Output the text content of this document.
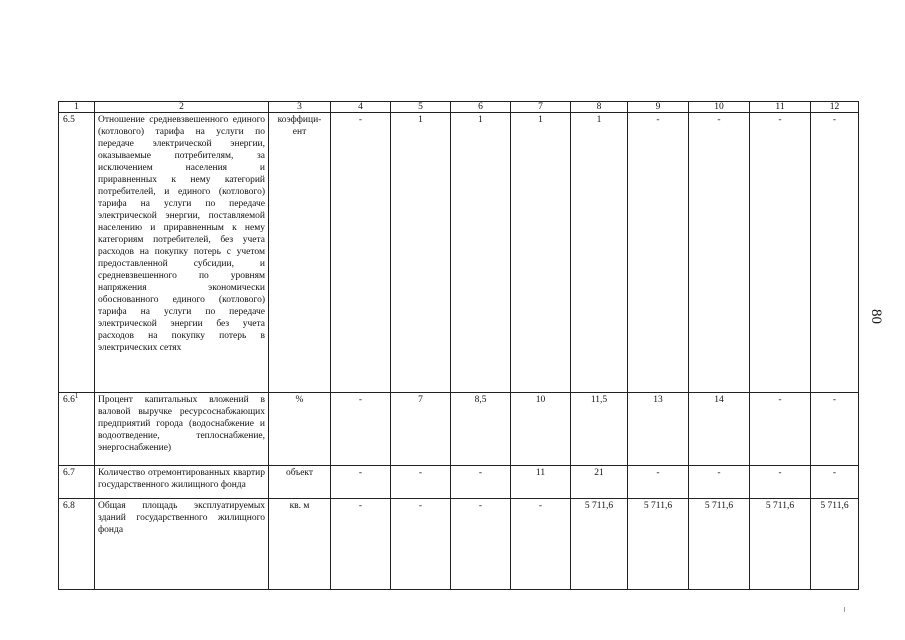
1	2	3	4	5	6	7	8	9	10	11	12
6.5	Отношение средневзвешенного единого (котлового) тарифа на услуги по передаче электрической энергии, оказываемые потребителям, за исключением населения и приравненных к нему категорий потребителей, и единого (котлового) тарифа на услуги по передаче электрической энергии, поставляемой населению и приравненным к нему категориям потребителей, без учета расходов на покупку потерь с учетом предоставленной субсидии, и средневзвешенного по уровням напряжения экономически обоснованного единого (котлового) тарифа на услуги по передаче электрической энергии без учета расходов на покупку потерь в электрических сетях	коэффици-ент	-	1	1	1	1	-	-	-	-
$6.6^1$	Процент капитальных вложений в валовой выручке ресурсоснабжающих предприятий города (водоснабжение и водоотведение, теплоснабжение, энергоснабжение)	%	-	7	8,5	10	11,5	13	14	-	-
6.7	Количество отремонтированных квартир государственного жилищного фонда	объект	-	-	-	11	21	-	-	-	-
6.8	Общая площадь эксплуатируемых зданий государственного жилищного фонда	кв. м	-	-	-	-	5 711,6	5 711,6	5 711,6	5 711,6	5 711,6
80
